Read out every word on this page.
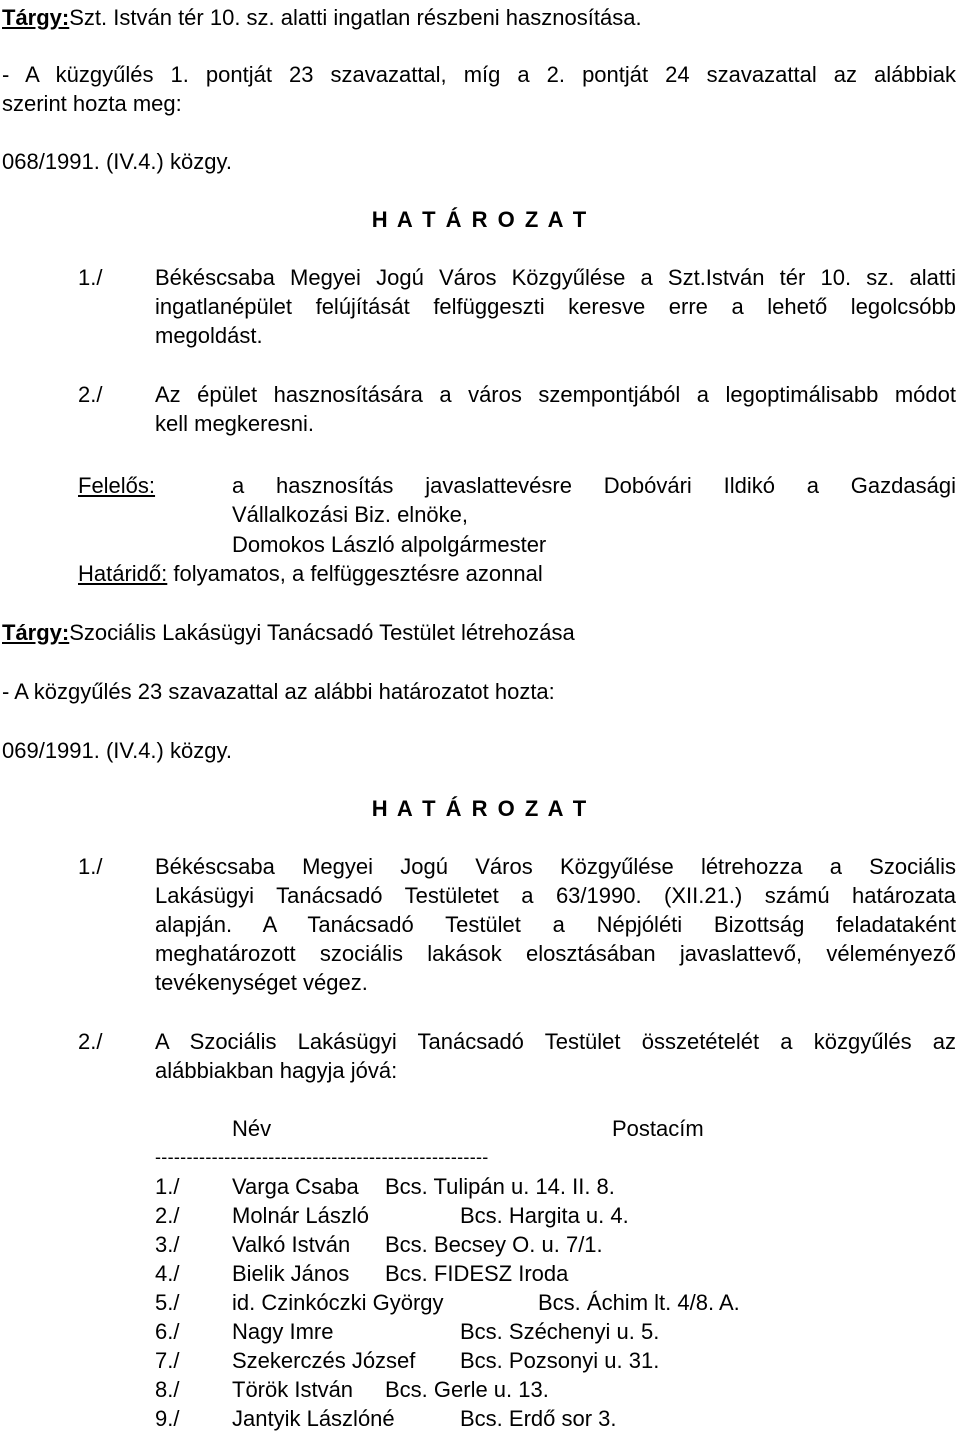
Tárgy:Szt. István tér 10. sz. alatti ingatlan részbeni hasznosítása.
- A küzgyűlés 1. pontját 23 szavazattal, míg a 2. pontját 24 szavazattal az alábbiak
szerint hozta meg:
068/1991. (IV.4.) közgy.
H A T Á R O Z A T
1./ Békéscsaba Megyei Jogú Város Közgyűlése a Szt.István tér 10. sz. alatti
ingatlanépület felújítását felfüggeszti keresve erre a lehető legolcsóbb
megoldást.
2./ Az épület hasznosítására a város szempontjából a legoptimálisabb módot
kell megkeresni.
Felelős:	a hasznosítás javaslattevésre Dobóvári Ildikó a Gazdasági
Vállalkozási Biz. elnöke,
Domokos László alpolgármester
Határidő: folyamatos, a felfüggesztésre azonnal
Tárgy:Szociális Lakásügyi Tanácsadó Testület létrehozása
- A közgyűlés 23 szavazattal az alábbi határozatot hozta:
069/1991. (IV.4.) közgy.
H A T Á R O Z A T
1./ Békéscsaba Megyei Jogú Város Közgyűlése létrehozza a Szociális
Lakásügyi Tanácsadó Testületet a 63/1990. (XII.21.) számú határozata
alapján. A Tanácsadó Testület a Népjóléti Bizottság feladataként
meghatározott szociális lakások elosztásában javaslattevő, véleményező
tevékenységet végez.
2./ A Szociális Lakásügyi Tanácsadó Testület összetételét a közgyűlés az
alábbiakban hagyja jóvá:
Név	Postacím
-----------------------------------------------------
1./ Varga Csaba Bcs. Tulipán u. 14. II. 8.
2./ Molnár László	Bcs. Hargita u. 4.
3./ Valkó István Bcs. Becsey O. u. 7/1.
4./ Bielik János Bcs. FIDESZ Iroda
5./ id. Czinkóczki György	Bcs. Áchim lt. 4/8. A.
6./ Nagy Imre	Bcs. Széchenyi u. 5.
7./ Szekerczés József Bcs. Pozsonyi u. 31.
8./ Török István Bcs. Gerle u. 13.
9./ Jantyik Lászlóné	Bcs. Erdő sor 3.
